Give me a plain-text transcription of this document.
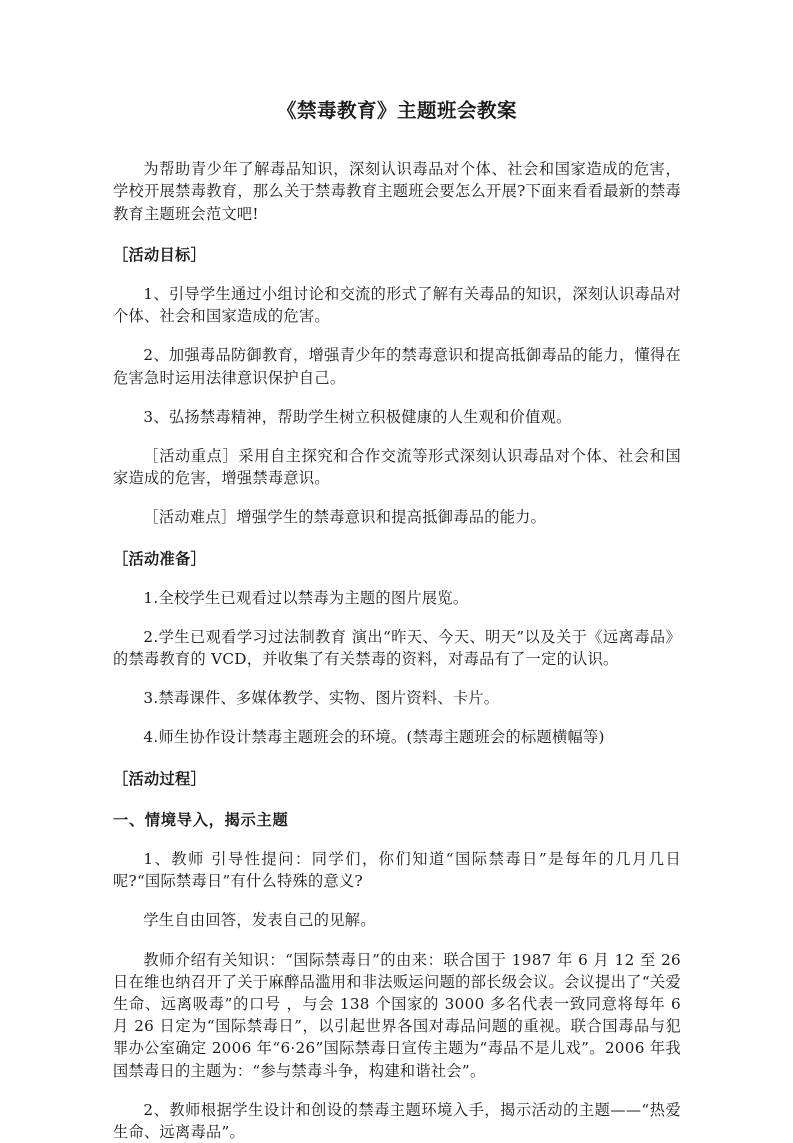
《禁毒教育》主题班会教案

为帮助青少年了解毒品知识，深刻认识毒品对个体、社会和国家造成的危害，学校开展禁毒教育，那么关于禁毒教育主题班会要怎么开展?下面来看看最新的禁毒教育主题班会范文吧!

［活动目标］

1、引导学生通过小组讨论和交流的形式了解有关毒品的知识，深刻认识毒品对个体、社会和国家造成的危害。

2、加强毒品防御教育，增强青少年的禁毒意识和提高抵御毒品的能力，懂得在危害急时运用法律意识保护自己。

3、弘扬禁毒精神，帮助学生树立积极健康的人生观和价值观。

［活动重点］采用自主探究和合作交流等形式深刻认识毒品对个体、社会和国家造成的危害，增强禁毒意识。

［活动难点］增强学生的禁毒意识和提高抵御毒品的能力。

［活动准备］

1.全校学生已观看过以禁毒为主题的图片展览。

2.学生已观看学习过法制教育 演出“昨天、今天、明天”以及关于《远离毒品》的禁毒教育的 VCD，并收集了有关禁毒的资料，对毒品有了一定的认识。

3.禁毒课件、多媒体教学、实物、图片资料、卡片。

4.师生协作设计禁毒主题班会的环境。(禁毒主题班会的标题横幅等)

［活动过程］

一、情境导入，揭示主题

1、教师 引导性提问：同学们，你们知道“国际禁毒日”是每年的几月几日呢?“国际禁毒日”有什么特殊的意义?

学生自由回答，发表自己的见解。

教师介绍有关知识：“国际禁毒日”的由来：联合国于 1987 年 6 月 12 至 26 日在维也纳召开了关于麻醉品滥用和非法贩运问题的部长级会议。会议提出了“关爱生命、远离吸毒”的口号 ，与会 138 个国家的 3000 多名代表一致同意将每年 6 月 26 日定为“国际禁毒日”，以引起世界各国对毒品问题的重视。联合国毒品与犯罪办公室确定 2006 年“6·26”国际禁毒日宣传主题为“毒品不是儿戏”。2006 年我国禁毒日的主题为：“参与禁毒斗争，构建和谐社会”。

2、教师根据学生设计和创设的禁毒主题环境入手，揭示活动的主题——“热爱生命、远离毒品”。
